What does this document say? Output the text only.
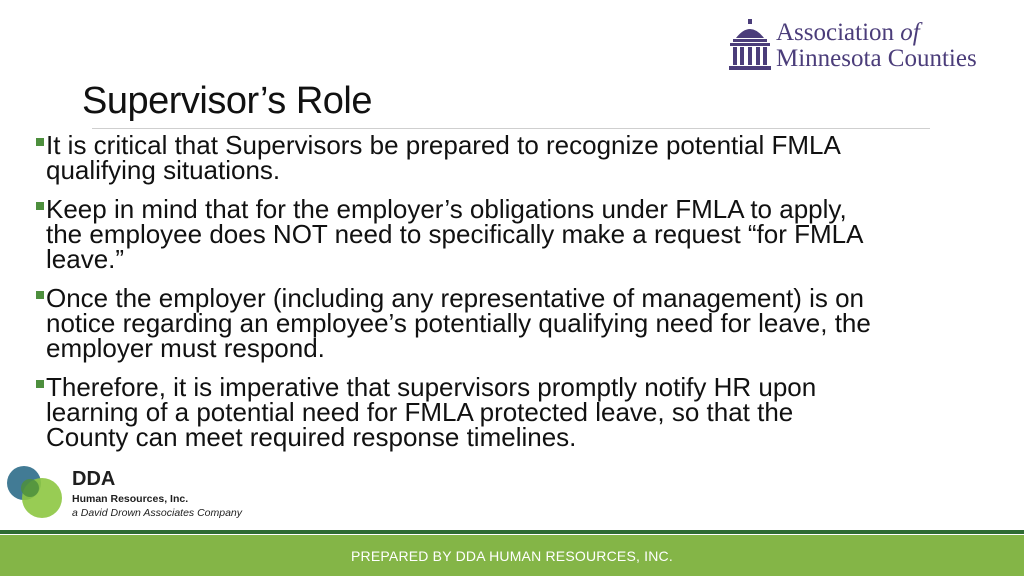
Association of
Minnesota Counties
Supervisor’s Role
It is critical that Supervisors be prepared to recognize potential FMLA
qualifying situations.
Keep in mind that for the employer’s obligations under FMLA to apply,
the employee does NOT need to specifically make a request “for FMLA
leave.”
Once the employer (including any representative of management) is on
notice regarding an employee’s potentially qualifying need for leave, the
employer must respond.
Therefore, it is imperative that supervisors promptly notify HR upon
learning of a potential need for FMLA protected leave, so that the
County can meet required response timelines.
DDA
Human Resources, Inc.
a David Drown Associates Company
PREPARED BY DDA HUMAN RESOURCES, INC.
